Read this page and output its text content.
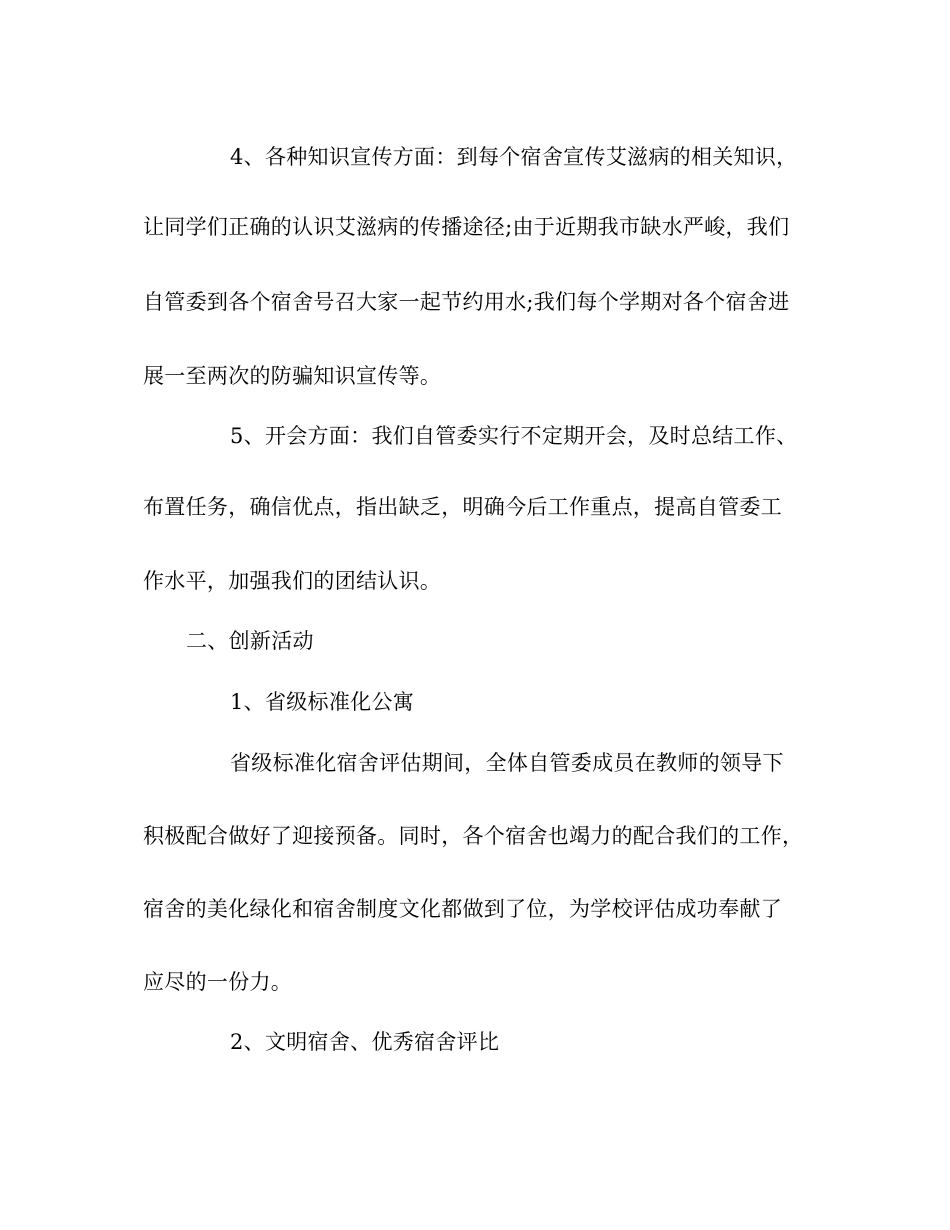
4、各种知识宣传方面：到每个宿舍宣传艾滋病的相关知识，
让同学们正确的认识艾滋病的传播途径;由于近期我市缺水严峻，我们
自管委到各个宿舍号召大家一起节约用水;我们每个学期对各个宿舍进
展一至两次的防骗知识宣传等。
5、开会方面：我们自管委实行不定期开会，及时总结工作、
布置任务，确信优点，指出缺乏，明确今后工作重点，提高自管委工
作水平，加强我们的团结认识。
二、创新活动
1、省级标准化公寓
省级标准化宿舍评估期间，全体自管委成员在教师的领导下
积极配合做好了迎接预备。同时，各个宿舍也竭力的配合我们的工作，
宿舍的美化绿化和宿舍制度文化都做到了位，为学校评估成功奉献了
应尽的一份力。
2、文明宿舍、优秀宿舍评比
